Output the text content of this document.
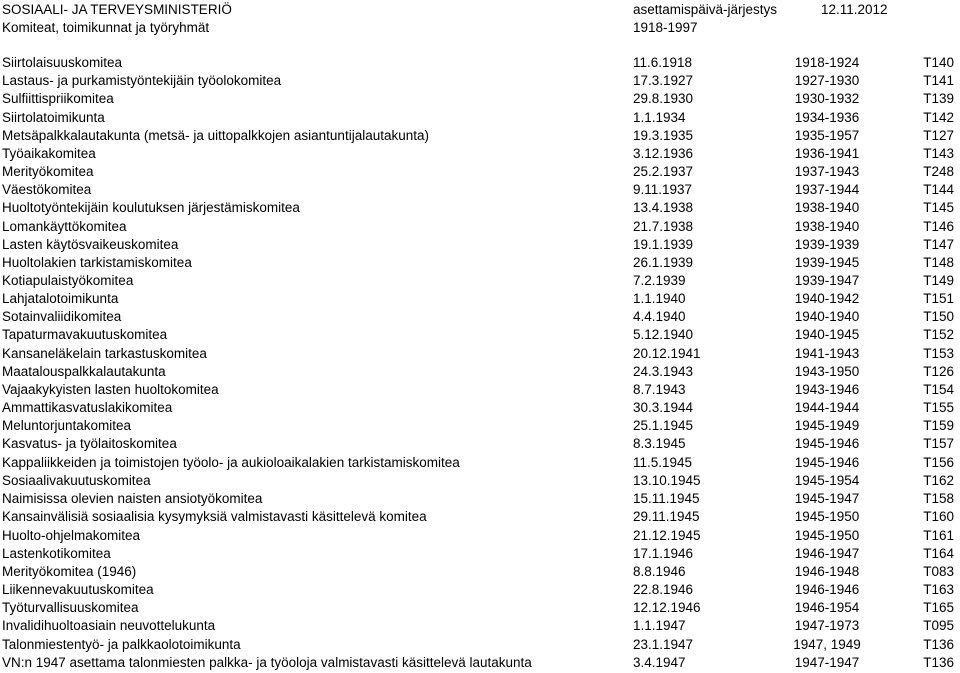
SOSIAALI- JA TERVEYSMINISTERIÖ	asettamispäivä-järjestys	12.11.2012
Komiteat, toimikunnat ja työryhmät	1918-1997
Siirtolaisuuskomitea	11.6.1918	1918-1924	T140
Lastaus- ja purkamistyöntekijäin työolokomitea	17.3.1927	1927-1930	T141
Sulfiittispriikomitea	29.8.1930	1930-1932	T139
Siirtolatoimikunta	1.1.1934	1934-1936	T142
Metsäpalkkalautakunta (metsä- ja uittopalkkojen asiantuntijalautakunta)	19.3.1935	1935-1957	T127
Työaikakomitea	3.12.1936	1936-1941	T143
Merityökomitea	25.2.1937	1937-1943	T248
Väestökomitea	9.11.1937	1937-1944	T144
Huoltotyöntekijäin koulutuksen järjestämiskomitea	13.4.1938	1938-1940	T145
Lomankäyttökomitea	21.7.1938	1938-1940	T146
Lasten käytösvaikeuskomitea	19.1.1939	1939-1939	T147
Huoltolakien tarkistamiskomitea	26.1.1939	1939-1945	T148
Kotiapulaistyökomitea	7.2.1939	1939-1947	T149
Lahjatalotoimikunta	1.1.1940	1940-1942	T151
Sotainvaliidikomitea	4.4.1940	1940-1940	T150
Tapaturmavakuutuskomitea	5.12.1940	1940-1945	T152
Kansaneläkelain tarkastuskomitea	20.12.1941	1941-1943	T153
Maatalouspalkkalautakunta	24.3.1943	1943-1950	T126
Vajaakykyisten lasten huoltokomitea	8.7.1943	1943-1946	T154
Ammattikasvatuslakikomitea	30.3.1944	1944-1944	T155
Meluntorjuntakomitea	25.1.1945	1945-1949	T159
Kasvatus- ja työlaitoskomitea	8.3.1945	1945-1946	T157
Kappaliikkeiden ja toimistojen työolo- ja aukioloaikalakien tarkistamiskomitea	11.5.1945	1945-1946	T156
Sosiaalivakuutuskomitea	13.10.1945	1945-1954	T162
Naimisissa olevien naisten ansiotyökomitea	15.11.1945	1945-1947	T158
Kansainvälisiä sosiaalisia kysymyksiä valmistavasti käsittelevä komitea	29.11.1945	1945-1950	T160
Huolto-ohjelmakomitea	21.12.1945	1945-1950	T161
Lastenkotikomitea	17.1.1946	1946-1947	T164
Merityökomitea (1946)	8.8.1946	1946-1948	T083
Liikennevakuutuskomitea	22.8.1946	1946-1946	T163
Työturvallisuuskomitea	12.12.1946	1946-1954	T165
Invalidihuoltoasiain neuvottelukunta	1.1.1947	1947-1973	T095
Talonmiestentyö- ja palkkaolotoimikunta	23.1.1947	1947, 1949	T136
VN:n 1947 asettama talonmiesten palkka- ja työoloja valmistavasti käsittelevä lautakunta	3.4.1947	1947-1947	T136
